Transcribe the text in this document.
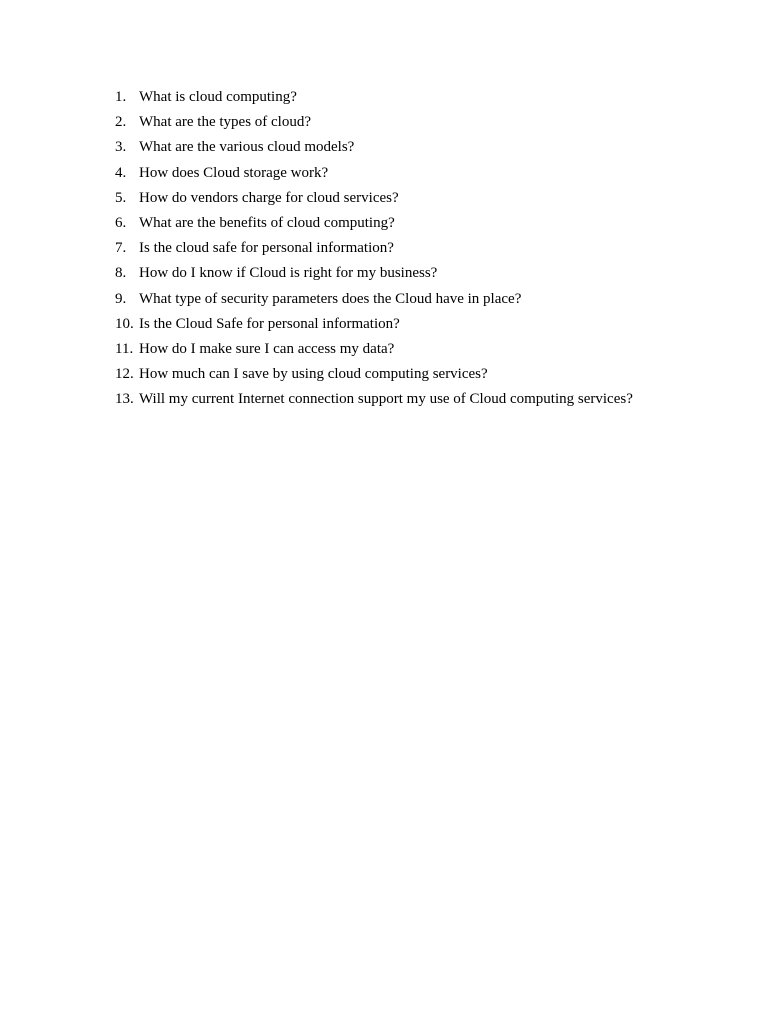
1. What is cloud computing?
2. What are the types of cloud?
3. What are the various cloud models?
4. How does Cloud storage work?
5. How do vendors charge for cloud services?
6. What are the benefits of cloud computing?
7. Is the cloud safe for personal information?
8. How do I know if Cloud is right for my business?
9. What type of security parameters does the Cloud have in place?
10. Is the Cloud Safe for personal information?
11. How do I make sure I can access my data?
12. How much can I save by using cloud computing services?
13. Will my current Internet connection support my use of Cloud computing services?
